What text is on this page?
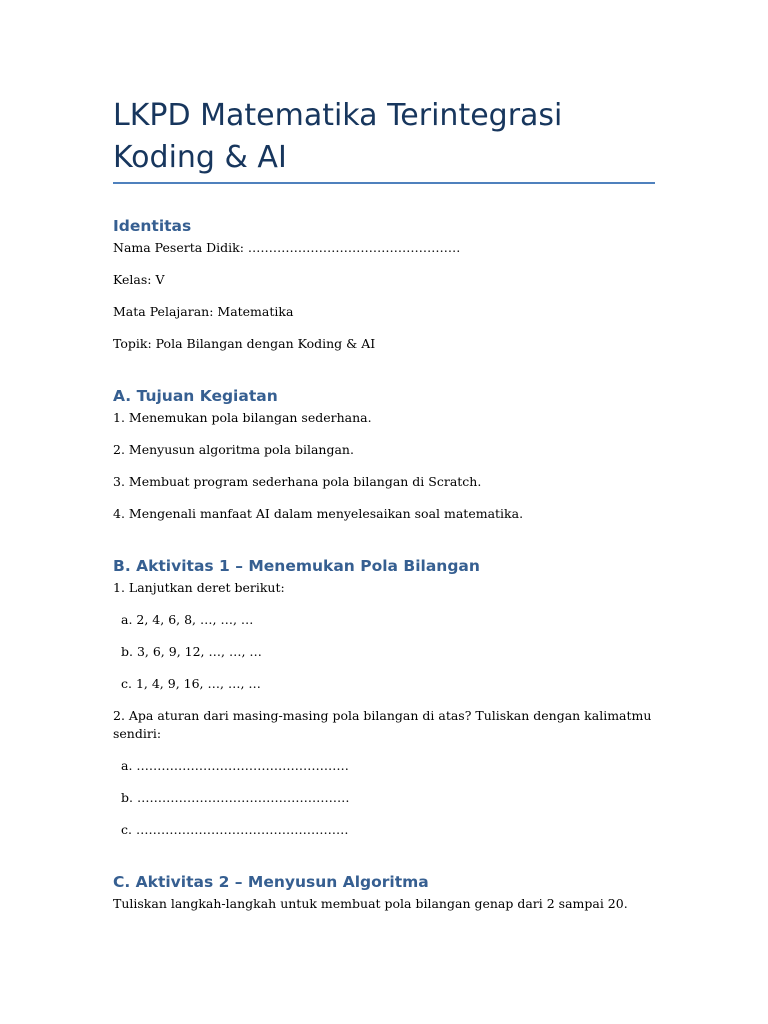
LKPD Matematika Terintegrasi Koding & AI
Identitas

Nama Peserta Didik: ……………………………………………

Kelas: V

Mata Pelajaran: Matematika

Topik: Pola Bilangan dengan Koding & AI

A. Tujuan Kegiatan

1. Menemukan pola bilangan sederhana.

2. Menyusun algoritma pola bilangan.

3. Membuat program sederhana pola bilangan di Scratch.

4. Mengenali manfaat AI dalam menyelesaikan soal matematika.

B. Aktivitas 1 – Menemukan Pola Bilangan

1. Lanjutkan deret berikut:

a. 2, 4, 6, 8, …, …, …

b. 3, 6, 9, 12, …, …, …

c. 1, 4, 9, 16, …, …, …

2. Apa aturan dari masing-masing pola bilangan di atas? Tuliskan dengan kalimatmu sendiri:

a. ……………………………………………

b. ……………………………………………

c. ……………………………………………

C. Aktivitas 2 – Menyusun Algoritma

Tuliskan langkah-langkah untuk membuat pola bilangan genap dari 2 sampai 20.
